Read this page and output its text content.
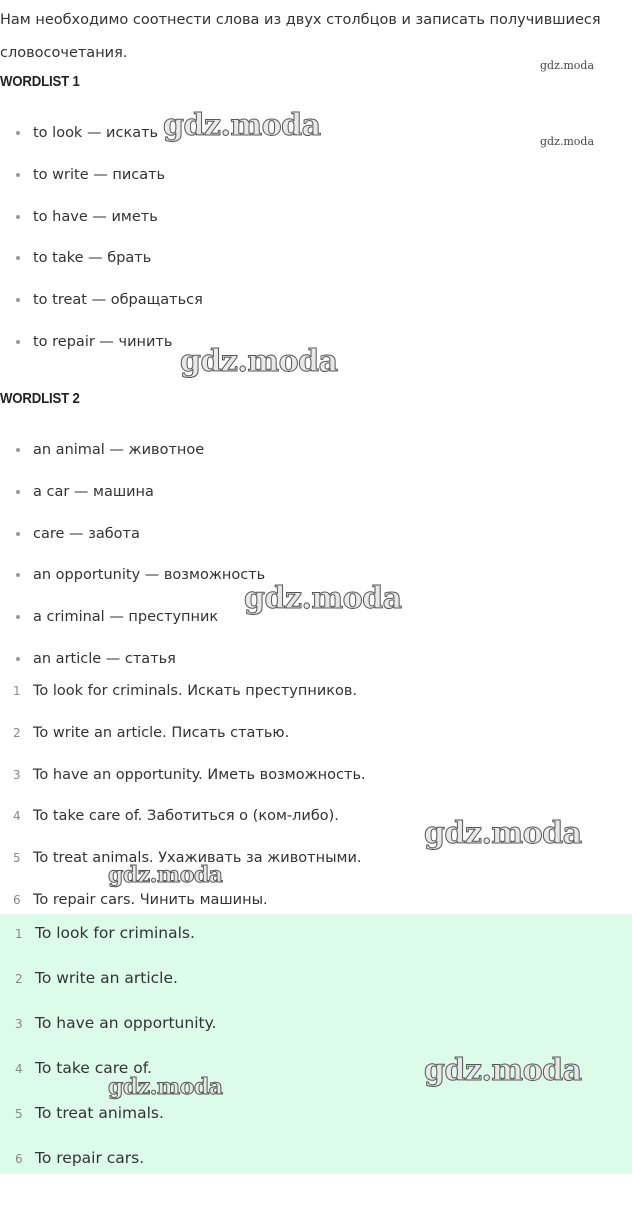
Нам необходимо соотнести слова из двух столбцов и записать получившиеся словосочетания.

WORDLIST 1
to look — искать
to write — писать
to have — иметь
to take — брать
to treat — обращаться
to repair — чинить
WORDLIST 2
an animal — животное
a car — машина
care — забота
an opportunity — возможность
a criminal — преступник
an article — статья
1 To look for criminals. Искать преступников.
2 To write an article. Писать статью.
3 To have an opportunity. Иметь возможность.
4 To take care of. Заботиться о (ком-либо).
5 To treat animals. Ухаживать за животными.
6 To repair cars. Чинить машины.
1 To look for criminals.
2 To write an article.
3 To have an opportunity.
4 To take care of.
5 To treat animals.
6 To repair cars.
gdz.moda
gdz.moda
gdz.moda
gdz.moda
gdz.moda
gdz.moda
gdz.moda
gdz.moda
gdz.moda
